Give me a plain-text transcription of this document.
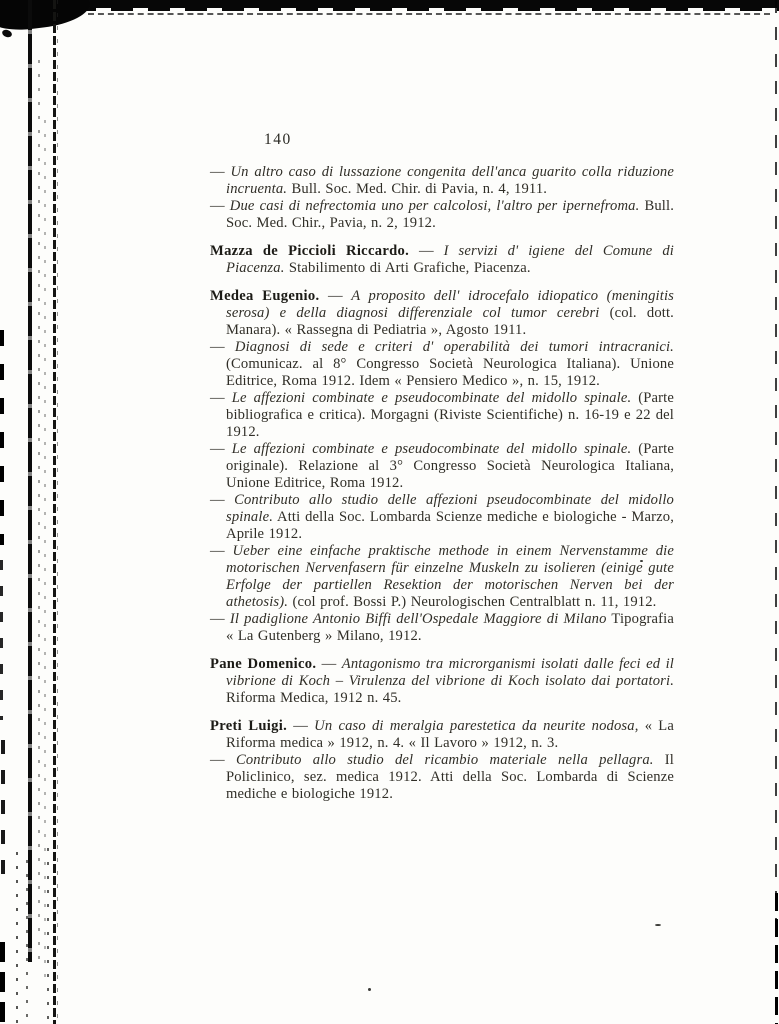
140

— Un altro caso di lussazione congenita dell'anca guarito colla riduzione incruenta. Bull. Soc. Med. Chir. di Pavia, n. 4, 1911.

— Due casi di nefrectomia uno per calcolosi, l'altro per ipernefroma. Bull. Soc. Med. Chir., Pavia, n. 2, 1912.

Mazza de Piccioli Riccardo. — I servizi d' igiene del Comune di Piacenza. Stabilimento di Arti Grafiche, Piacenza.

Medea Eugenio. — A proposito dell' idrocefalo idiopatico (meningitis serosa) e della diagnosi differenziale col tumor cerebri (col. dott. Manara). « Rassegna di Pediatria », Agosto 1911.

— Diagnosi di sede e criteri d' operabilità dei tumori intracranici. (Comunicaz. al 8° Congresso Società Neurologica Italiana). Unione Editrice, Roma 1912. Idem « Pensiero Medico », n. 15, 1912.

— Le affezioni combinate e pseudocombinate del midollo spinale. (Parte bibliografica e critica). Morgagni (Riviste Scientifiche) n. 16-19 e 22 del 1912.

— Le affezioni combinate e pseudocombinate del midollo spinale. (Parte originale). Relazione al 3° Congresso Società Neurologica Italiana, Unione Editrice, Roma 1912.

— Contributo allo studio delle affezioni pseudocombinate del midollo spinale. Atti della Soc. Lombarda Scienze mediche e biologiche - Marzo, Aprile 1912.

— Ueber eine einfache praktische methode in einem Nervenstamme die motorischen Nervenfasern für einzelne Muskeln zu isolieren (einige gute Erfolge der partiellen Resektion der motorischen Nerven bei der athetosis). (col prof. Bossi P.) Neurologischen Centralblatt n. 11, 1912.

— Il padiglione Antonio Biffi dell'Ospedale Maggiore di Milano Tipografia « La Gutenberg » Milano, 1912.

Pane Domenico. — Antagonismo tra microrganismi isolati dalle feci ed il vibrione di Koch – Virulenza del vibrione di Koch isolato dai portatori. Riforma Medica, 1912 n. 45.

Preti Luigi. — Un caso di meralgia parestetica da neurite nodosa, « La Riforma medica » 1912, n. 4. « Il Lavoro » 1912, n. 3.

— Contributo allo studio del ricambio materiale nella pellagra. Il Policlinico, sez. medica 1912. Atti della Soc. Lombarda di Scienze mediche e biologiche 1912.
